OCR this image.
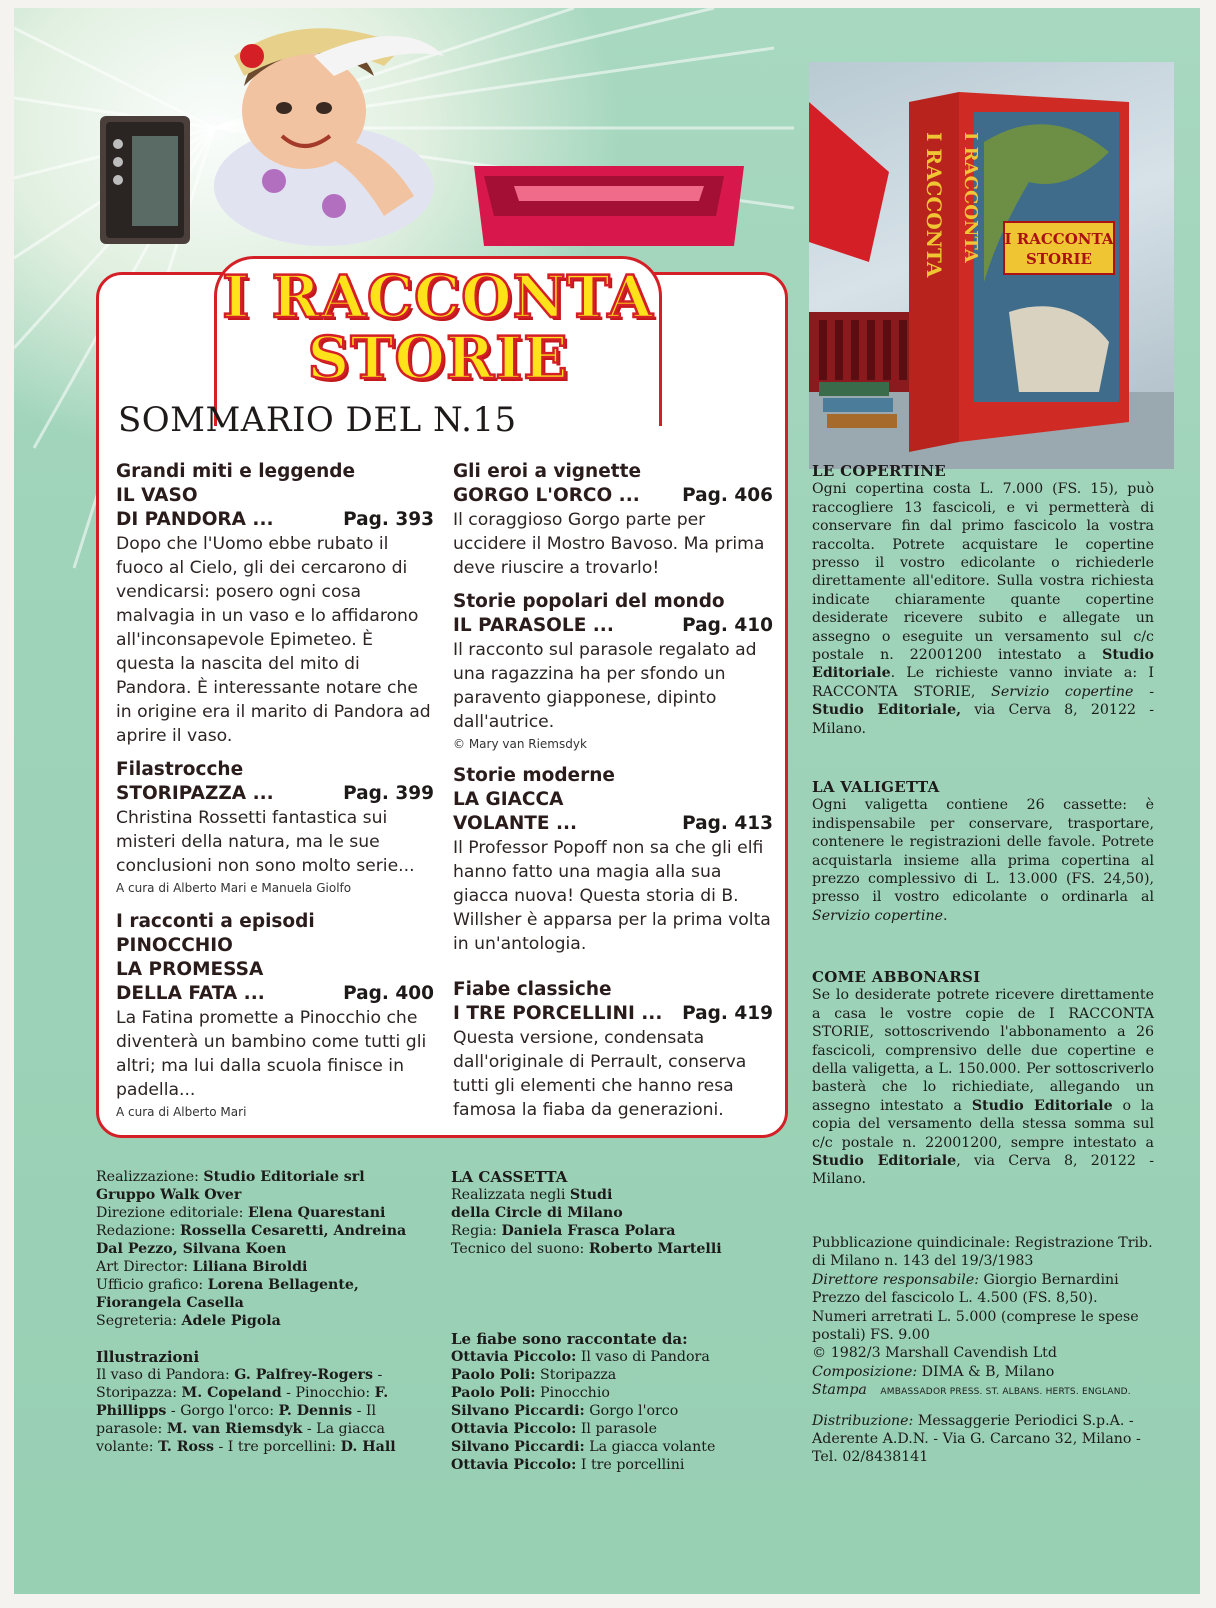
I RACCONTA
STORIE
I RACCONTA I RACCONTA
LE COPERTINE

Ogni copertina costa L. 7.000 (FS. 15), può raccogliere 13 fascicoli, e vi permetterà di conservare fin dal primo fascicolo la vostra raccolta. Potrete acquistare le copertine presso il vostro edicolante o richiederle direttamente all'editore. Sulla vostra richiesta indicate chiaramente quante copertine desiderate ricevere subito e allegate un assegno o eseguite un versamento sul c/c postale n. 22001200 intestato a Studio Editoriale. Le richieste vanno inviate a: I RACCONTA STORIE, Servizio copertine - Studio Editoriale, via Cerva 8, 20122 - Milano.

LA VALIGETTA

Ogni valigetta contiene 26 cassette: è indispensabile per conservare, trasportare, contenere le registrazioni delle favole. Potrete acquistarla insieme alla prima copertina al prezzo complessivo di L. 13.000 (FS. 24,50), presso il vostro edicolante o ordinarla al Servizio copertine.

COME ABBONARSI

Se lo desiderate potrete ricevere direttamente a casa le vostre copie de I RACCONTA STORIE, sottoscrivendo l'abbonamento a 26 fascicoli, comprensivo delle due copertine e della valigetta, a L. 150.000. Per sottoscriverlo basterà che lo richiediate, allegando un assegno intestato a Studio Editoriale o la copia del versamento della stessa somma sul c/c postale n. 22001200, sempre intestato a Studio Editoriale, via Cerva 8, 20122 - Milano.

Pubblicazione quindicinale: Registrazione Trib. di Milano n. 143 del 19/3/1983

Direttore responsabile: Giorgio Bernardini

Prezzo del fascicolo L. 4.500 (FS. 8,50).

Numeri arretrati L. 5.000 (comprese le spese postali) FS. 9.00

© 1982/3 Marshall Cavendish Ltd

Composizione: DIMA & B, Milano

Stampa AMBASSADOR PRESS. ST. ALBANS. HERTS. ENGLAND.

Distribuzione: Messaggerie Periodici S.p.A. - Aderente A.D.N. - Via G. Carcano 32, Milano - Tel. 02/8438141

I RACCONTA
STORIE
SOMMARIO DEL N.15
Grandi miti e leggende
IL VASO
DI PANDORA ...	Pag. 393
Dopo che l'Uomo ebbe rubato il fuoco al Cielo, gli dei cercarono di vendicarsi: posero ogni cosa malvagia in un vaso e lo affidarono all'inconsapevole Epimeteo. È questa la nascita del mito di Pandora. È interessante notare che in origine era il marito di Pandora ad aprire il vaso.
Filastrocche
STORIPAZZA ...	Pag. 399
Christina Rossetti fantastica sui misteri della natura, ma le sue conclusioni non sono molto serie...
A cura di Alberto Mari e Manuela Giolfo
I racconti a episodi
PINOCCHIO
LA PROMESSA
DELLA FATA ...	Pag. 400
La Fatina promette a Pinocchio che diventerà un bambino come tutti gli altri; ma lui dalla scuola finisce in padella...
A cura di Alberto Mari
Gli eroi a vignette
GORGO L'ORCO ... Pag. 406
Il coraggioso Gorgo parte per uccidere il Mostro Bavoso. Ma prima deve riuscire a trovarlo!
Storie popolari del mondo
IL PARASOLE ...	Pag. 410
Il racconto sul parasole regalato ad una ragazzina ha per sfondo un paravento giapponese, dipinto dall'autrice.
© Mary van Riemsdyk
Storie moderne
LA GIACCA
VOLANTE ...	Pag. 413
Il Professor Popoff non sa che gli elfi hanno fatto una magia alla sua giacca nuova! Questa storia di B. Willsher è apparsa per la prima volta in un'antologia.
Fiabe classiche
I TRE PORCELLINI ... Pag. 419
Questa versione, condensata dall'originale di Perrault, conserva tutti gli elementi che hanno resa famosa la fiaba da generazioni.
Realizzazione: Studio Editoriale srl
Gruppo Walk Over
Direzione editoriale: Elena Quarestani
Redazione: Rossella Cesaretti, Andreina Dal Pezzo, Silvana Koen
Art Director: Liliana Biroldi
Ufficio grafico: Lorena Bellagente, Fiorangela Casella
Segreteria: Adele Pigola
Illustrazioni

Il vaso di Pandora: G. Palfrey-Rogers - Storipazza: M. Copeland - Pinocchio: F. Phillipps - Gorgo l'orco: P. Dennis - Il parasole: M. van Riemsdyk - La giacca volante: T. Ross - I tre porcellini: D. Hall

LA CASSETTA

Realizzata negli Studi

della Circle di Milano

Regia: Daniela Frasca Polara

Tecnico del suono: Roberto Martelli

Le fiabe sono raccontate da:
Ottavia Piccolo: Il vaso di Pandora
Paolo Poli: Storipazza
Paolo Poli: Pinocchio
Silvano Piccardi: Gorgo l'orco
Ottavia Piccolo: Il parasole
Silvano Piccardi: La giacca volante
Ottavia Piccolo: I tre porcellini
